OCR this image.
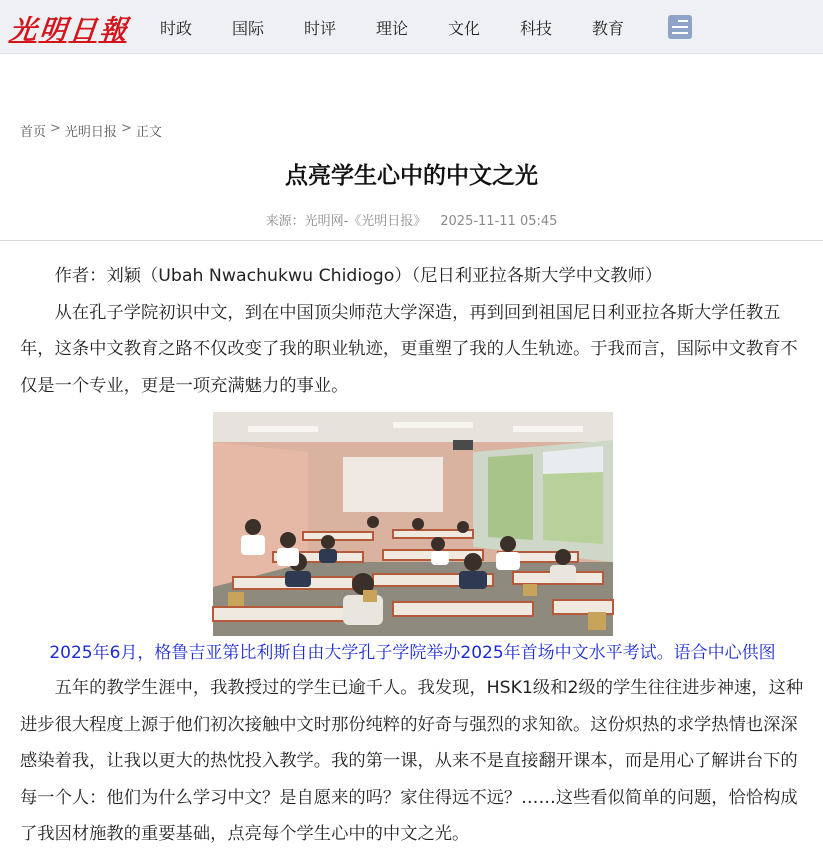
光
明
日
報	时政	国际	时评	理论	文化	科技	教育
首页 > 光明日报 > 正文
点亮学生心中的中文之光
来源：光明网-《光明日报》 2025-11-11 05:45

作者：刘颖（Ubah Nwachukwu Chidiogo）（尼日利亚拉各斯大学中文教师）

从在孔子学院初识中文，到在中国顶尖师范大学深造，再到回到祖国尼日利亚拉各斯大学任教五年，这条中文教育之路不仅改变了我的职业轨迹，更重塑了我的人生轨迹。于我而言，国际中文教育不仅是一个专业，更是一项充满魅力的事业。

2025年6月，格鲁吉亚第比利斯自由大学孔子学院举办2025年首场中文水平考试。语合中心供图

五年的教学生涯中，我教授过的学生已逾千人。我发现，HSK1级和2级的学生往往进步神速，这种进步很大程度上源于他们初次接触中文时那份纯粹的好奇与强烈的求知欲。这份炽热的求学热情也深深感染着我，让我以更大的热忱投入教学。我的第一课，从来不是直接翻开课本，而是用心了解讲台下的每一个人：他们为什么学习中文？是自愿来的吗？家住得远不远？……这些看似简单的问题，恰恰构成了我因材施教的重要基础，点亮每个学生心中的中文之光。
